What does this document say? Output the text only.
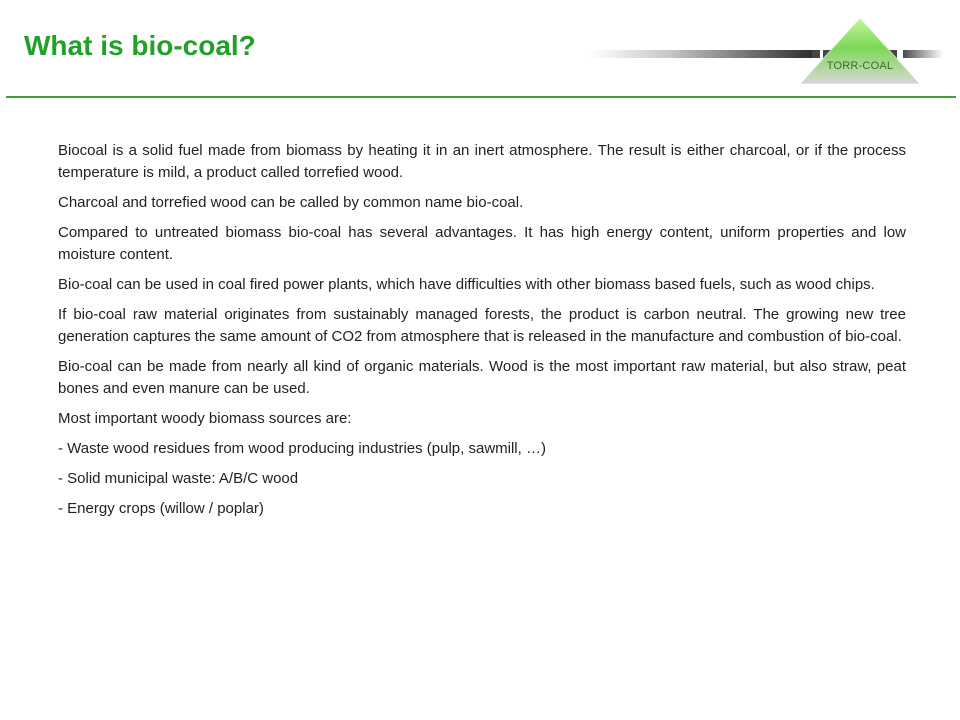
What is bio-coal?
TORR-COAL

Biocoal is a solid fuel made from biomass by heating it in an inert atmosphere. The result is either charcoal, or if the process temperature is mild, a product called torrefied wood.

Charcoal and torrefied wood can be called by common name bio-coal.

Compared to untreated biomass bio-coal has several advantages. It has high energy content, uniform properties and low moisture content.

Bio-coal can be used in coal fired power plants, which have difficulties with other biomass based fuels, such as wood chips.

If bio-coal raw material originates from sustainably managed forests, the product is carbon neutral. The growing new tree generation captures the same amount of CO2 from atmosphere that is released in the manufacture and combustion of bio-coal.

Bio-coal can be made from nearly all kind of organic materials. Wood is the most important raw material, but also straw, peat bones and even manure can be used.

Most important woody biomass sources are:

- Waste wood residues from wood producing industries (pulp, sawmill, …)

- Solid municipal waste: A/B/C wood

- Energy crops (willow / poplar)
